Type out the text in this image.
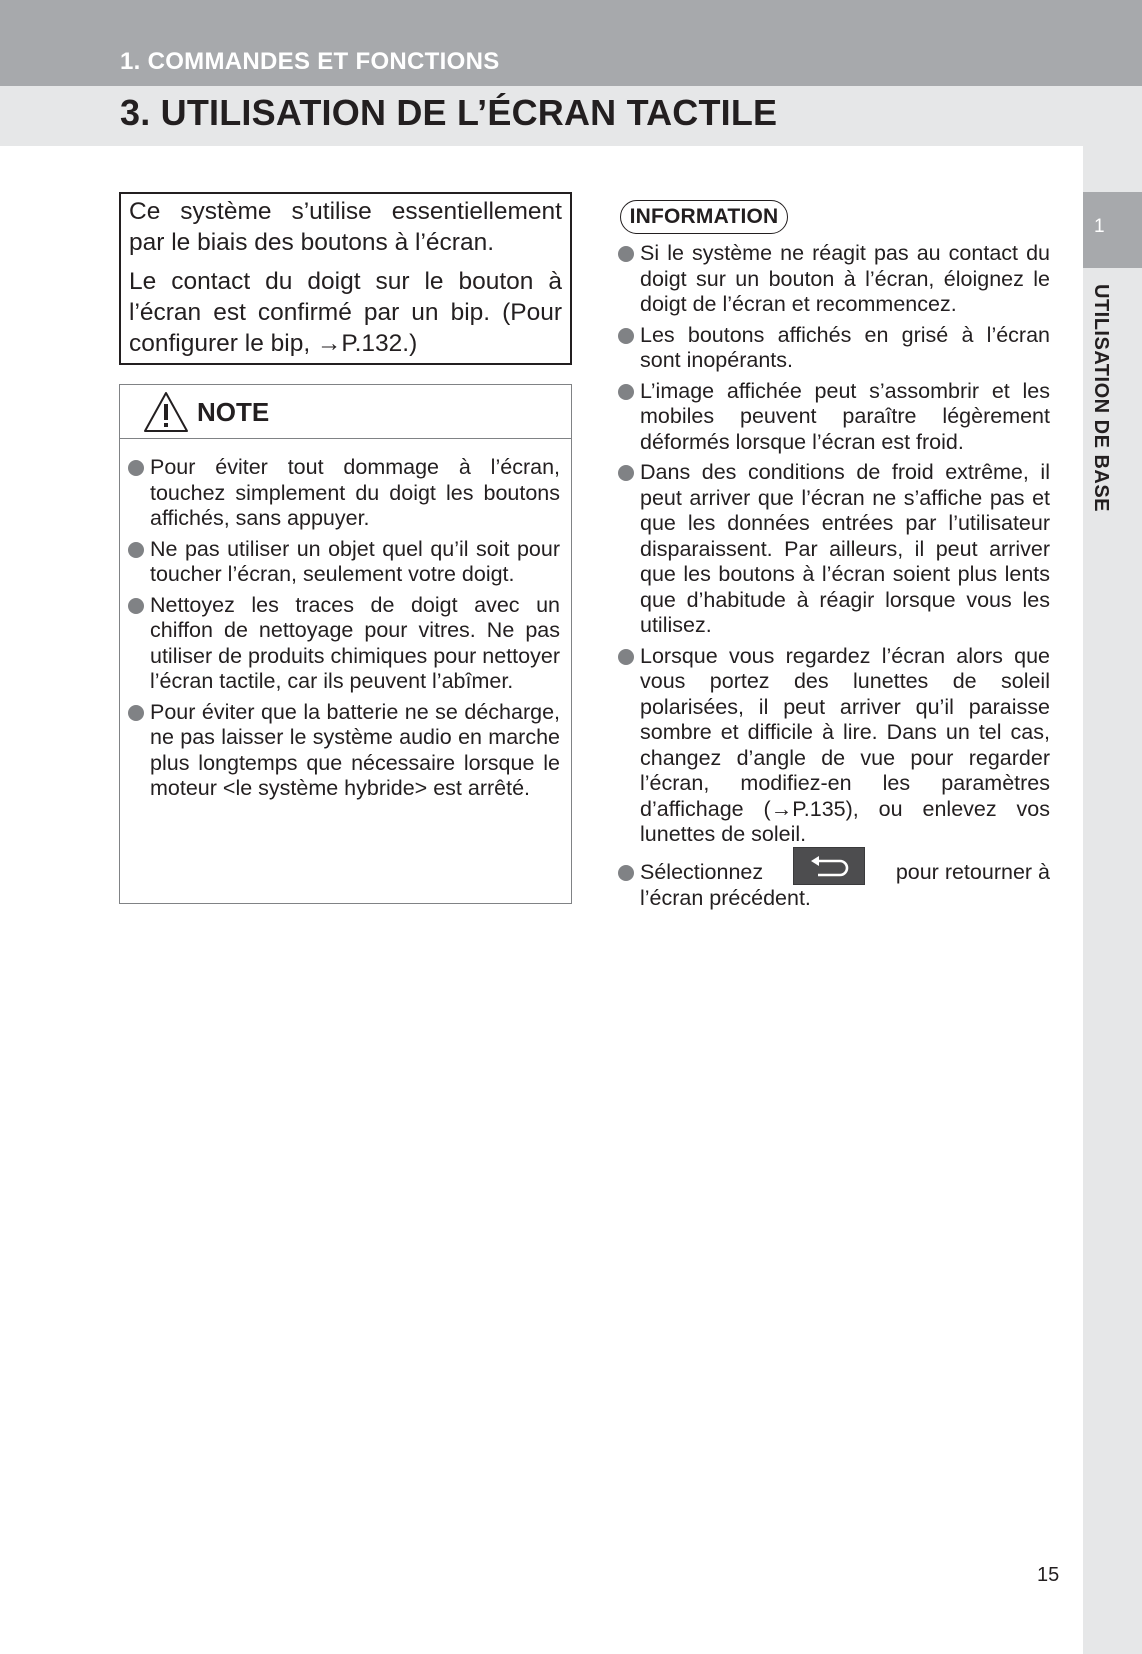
1. COMMANDES ET FONCTIONS
3. UTILISATION DE L’ÉCRAN TACTILE
1
UTILISATION DE BASE

Ce système s’utilise essentiellement par le biais des boutons à l’écran.

Le contact du doigt sur le bouton à l’écran est confirmé par un bip. (Pour configurer le bip, →P.132.)

NOTE
Pour éviter tout dommage à l’écran, touchez simplement du doigt les boutons affichés, sans appuyer.
Ne pas utiliser un objet quel qu’il soit pour toucher l’écran, seulement votre doigt.
Nettoyez les traces de doigt avec un chiffon de nettoyage pour vitres. Ne pas utiliser de produits chimiques pour nettoyer l’écran tactile, car ils peuvent l’abîmer.
Pour éviter que la batterie ne se décharge, ne pas laisser le système audio en marche plus longtemps que nécessaire lorsque le moteur <le système hybride> est arrêté.
INFORMATION
Si le système ne réagit pas au contact du doigt sur un bouton à l’écran, éloignez le doigt de l’écran et recommencez.
Les boutons affichés en grisé à l’écran sont inopérants.
L’image affichée peut s’assombrir et les mobiles peuvent paraître légèrement déformés lorsque l’écran est froid.
Dans des conditions de froid extrême, il peut arriver que l’écran ne s’affiche pas et que les données entrées par l’utilisateur disparaissent. Par ailleurs, il peut arriver que les boutons à l’écran soient plus lents que d’habitude à réagir lorsque vous les utilisez.
Lorsque vous regardez l’écran alors que vous portez des lunettes de soleil polarisées, il peut arriver qu’il paraisse sombre et difficile à lire. Dans un tel cas, changez d’angle de vue pour regarder l’écran, modifiez-en les paramètres d’affichage (→P.135), ou enlevez vos lunettes de soleil.
Sélectionnez	pour retourner à
l’écran précédent.
15
